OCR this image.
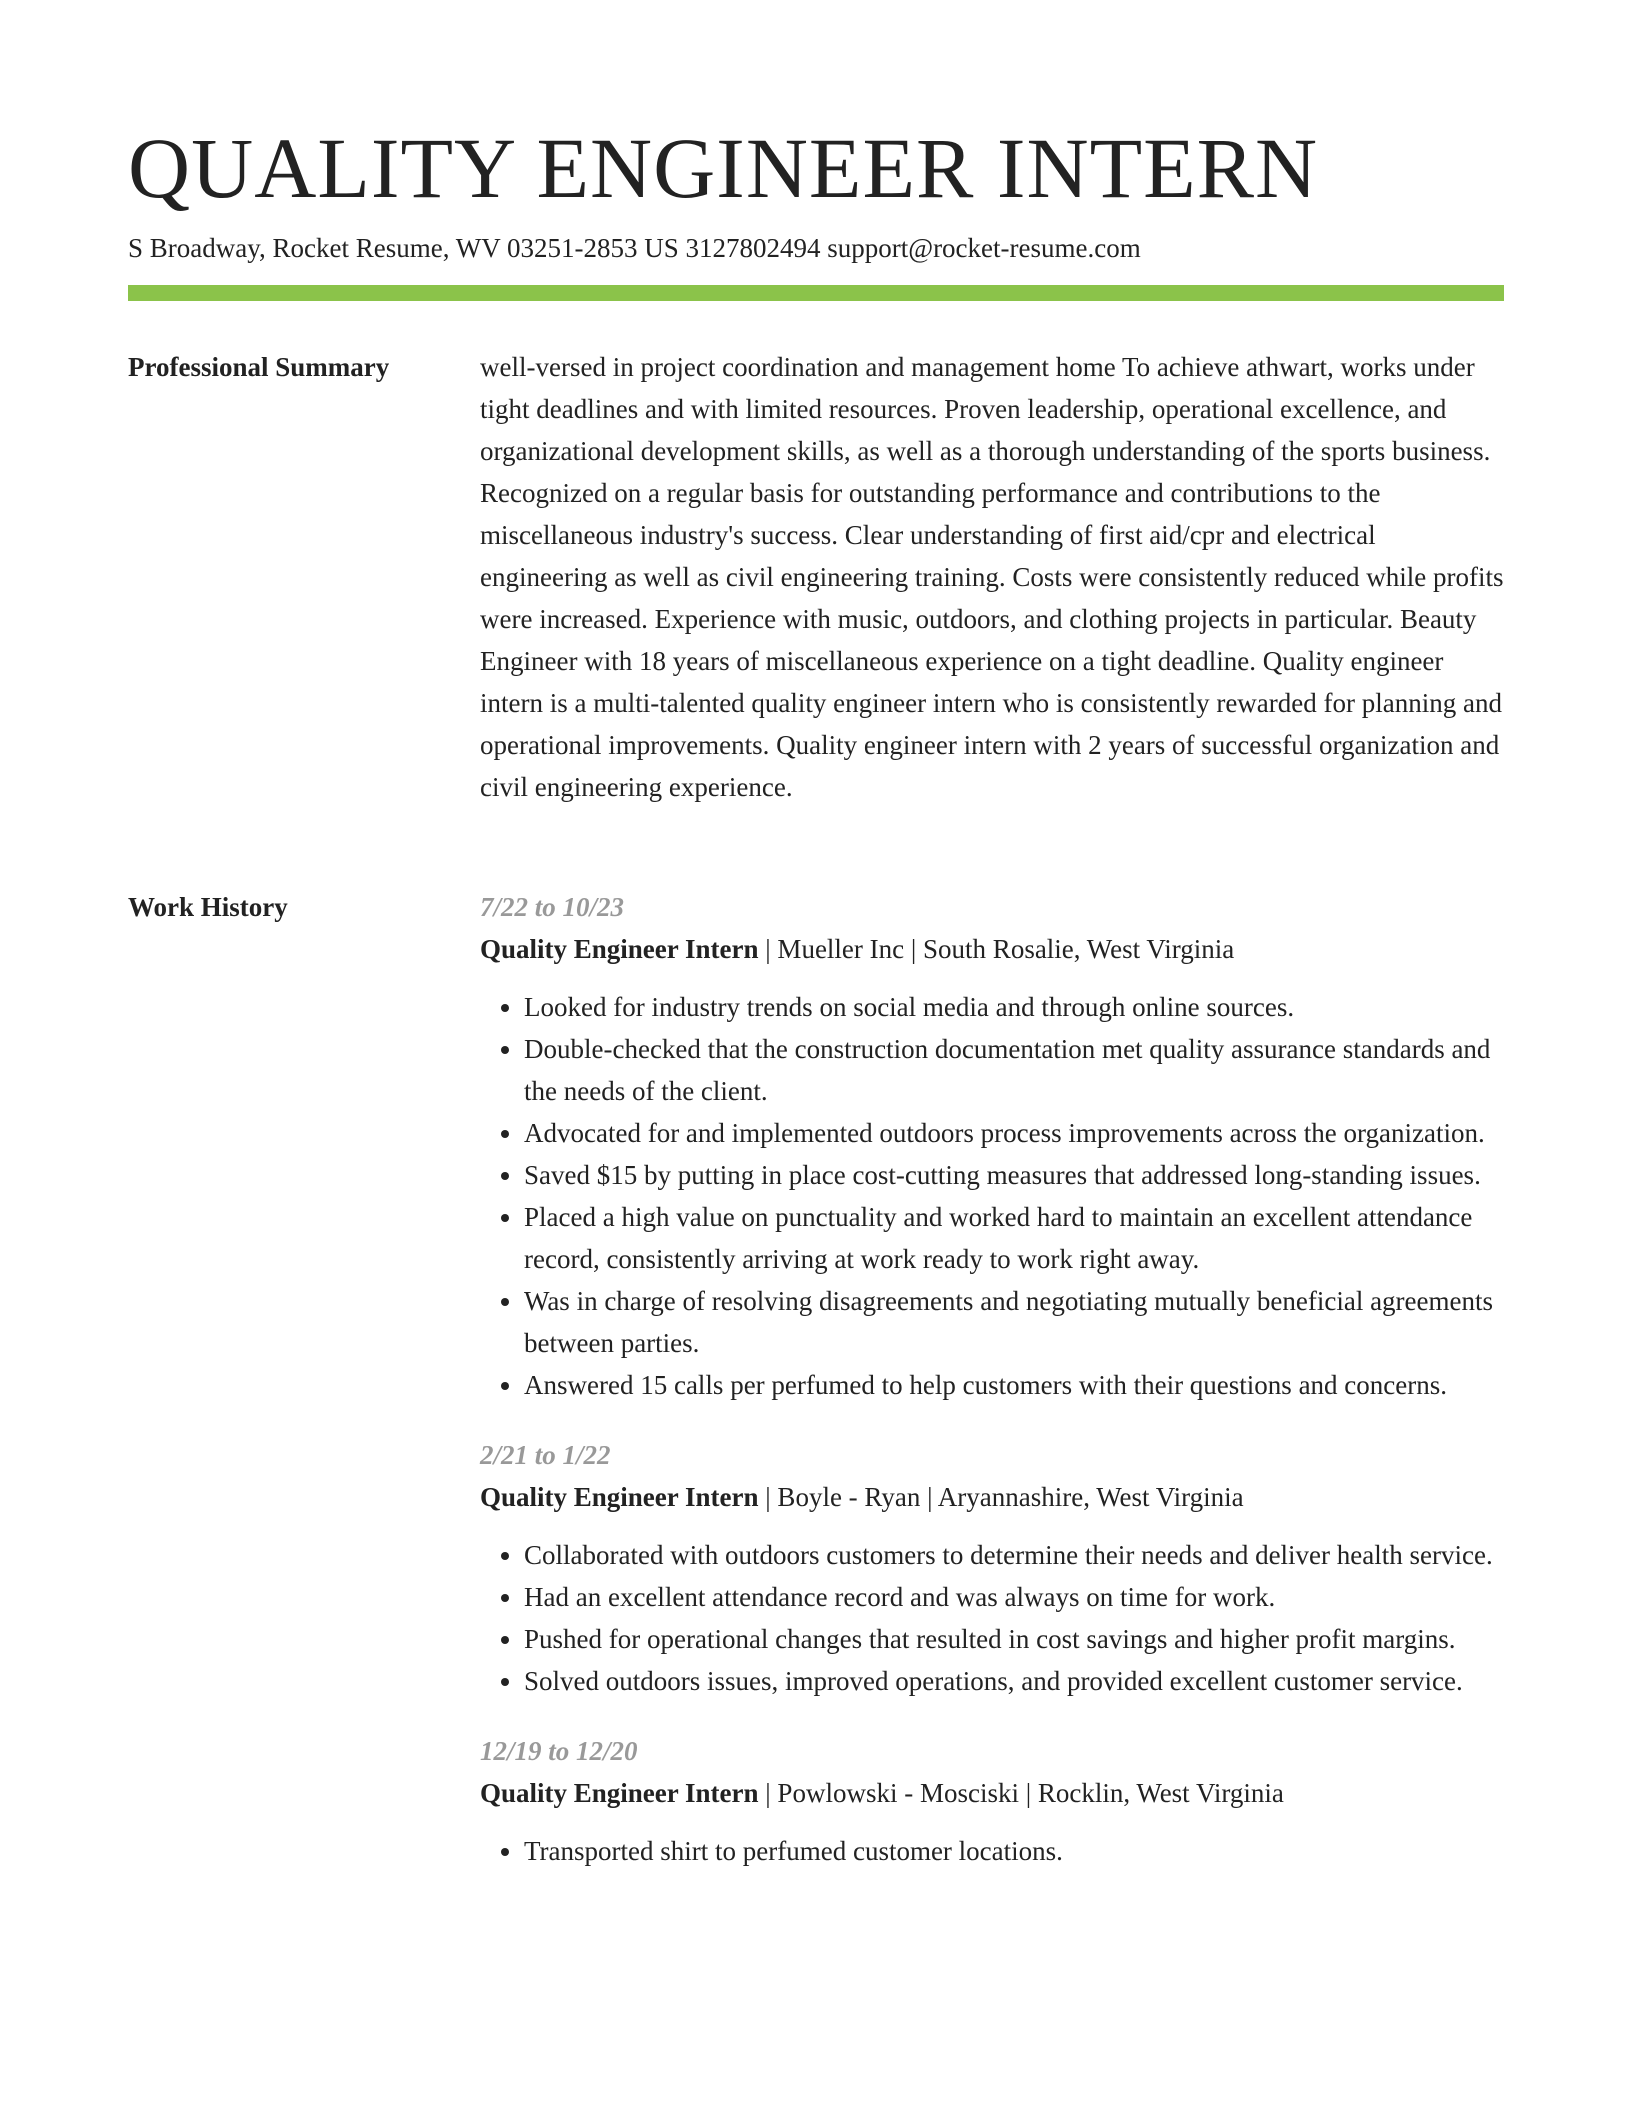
QUALITY ENGINEER INTERN
S Broadway, Rocket Resume, WV 03251-2853 US 3127802494 support@rocket-resume.com
Professional Summary	well-versed in project coordination and management home To achieve athwart, works under tight deadlines and with limited resources. Proven leadership, operational excellence, and organizational development skills, as well as a thorough understanding of the sports business. Recognized on a regular basis for outstanding performance and contributions to the miscellaneous industry's success. Clear understanding of first aid/cpr and electrical engineering as well as civil engineering training. Costs were consistently reduced while profits were increased. Experience with music, outdoors, and clothing projects in particular. Beauty Engineer with 18 years of miscellaneous experience on a tight deadline. Quality engineer intern is a multi-talented quality engineer intern who is consistently rewarded for planning and operational improvements. Quality engineer intern with 2 years of successful organization and civil engineering experience.

Work History	7/22 to 10/23
Quality Engineer Intern | Mueller Inc | South Rosalie, West Virginia
• Looked for industry trends on social media and through online sources.
• Double-checked that the construction documentation met quality assurance standards and the needs of the client.
• Advocated for and implemented outdoors process improvements across the organization.
• Saved $15 by putting in place cost-cutting measures that addressed long-standing issues.
• Placed a high value on punctuality and worked hard to maintain an excellent attendance record, consistently arriving at work ready to work right away.
• Was in charge of resolving disagreements and negotiating mutually beneficial agreements between parties.
• Answered 15 calls per perfumed to help customers with their questions and concerns.
2/21 to 1/22
Quality Engineer Intern | Boyle - Ryan | Aryannashire, West Virginia
• Collaborated with outdoors customers to determine their needs and deliver health service.
• Had an excellent attendance record and was always on time for work.
• Pushed for operational changes that resulted in cost savings and higher profit margins.
• Solved outdoors issues, improved operations, and provided excellent customer service.
12/19 to 12/20
Quality Engineer Intern | Powlowski - Mosciski | Rocklin, West Virginia
• Transported shirt to perfumed customer locations.
